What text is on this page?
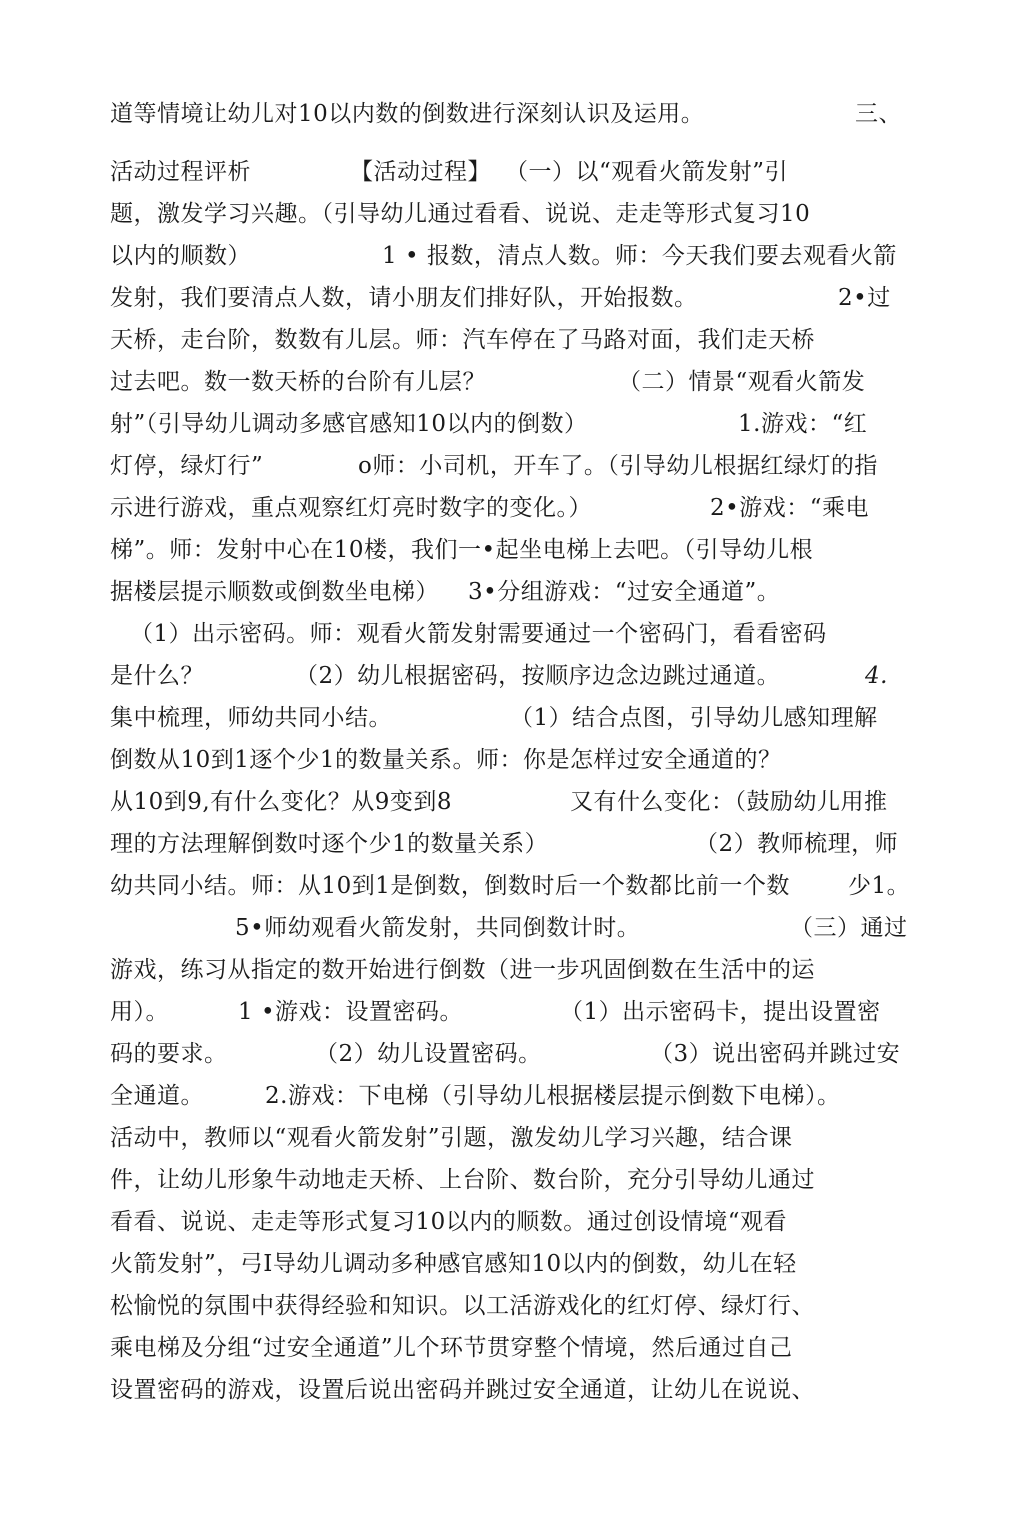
道等情境让幼儿对10以内数的倒数进行深刻认识及运用。	三、
活动过程评析	【活动过程】 （一）以“观看火箭发射”引
题，激发学习兴趣。（引导幼儿通过看看、说说、走走等形式复习10
以内的顺数）	1 • 报数，清点人数。师：今天我们要去观看火箭
发射，我们要清点人数，请小朋友们排好队，开始报数。	2•过
天桥，走台阶，数数有儿层。师：汽车停在了马路对面，我们走天桥
过去吧。数一数天桥的台阶有儿层？	（二）情景“观看火箭发
射”（引导幼儿调动多感官感知10以内的倒数）	1.游戏：“红
灯停，绿灯行”	o师：小司机，开车了。（引导幼儿根据红绿灯的指
示进行游戏，重点观察红灯亮时数字的变化。）	2•游戏：“乘电
梯”。师：发射中心在10楼，我们一•起坐电梯上去吧。（引导幼儿根
据楼层提示顺数或倒数坐电梯） 3•分组游戏：“过安全通道”。
（1）出示密码。师：观看火箭发射需要通过一个密码门，看看密码
是什么？	（2）幼儿根据密码，按顺序边念边跳过通道。	4.
集中梳理，师幼共同小结。	（1）结合点图，引导幼儿感知理解
倒数从10到1逐个少1的数量关系。师：你是怎样过安全通道的？
从10到9,有什么变化？从9变到8	又有什么变化：（鼓励幼儿用推
理的方法理解倒数吋逐个少1的数量关系）	（2）教师梳理，师
幼共同小结。师：从10到1是倒数，倒数时后一个数都比前一个数	少1。
5•师幼观看火箭发射，共同倒数计时。	（三）通过
游戏，练习从指定的数开始进行倒数（进一步巩固倒数在生活中的运
用）。	1 •游戏：设置密码。	（1）出示密码卡，提出设置密
码的要求。	（2）幼儿设置密码。	（3）说出密码并跳过安
全通道。	2.游戏：下电梯（引导幼儿根据楼层提示倒数下电梯）。
活动中，教师以“观看火箭发射”引题，激发幼儿学习兴趣，结合课
件，让幼儿形象牛动地走天桥、上台阶、数台阶，充分引导幼儿通过
看看、说说、走走等形式复习10以内的顺数。通过创设情境“观看
火箭发射”，弓I导幼儿调动多种感官感知10以内的倒数，幼儿在轻
松愉悦的氛围中获得经验和知识。以工活游戏化的红灯停、绿灯行、
乘电梯及分组“过安全通道”儿个环节贯穿整个情境，然后通过自己
设置密码的游戏，设置后说出密码并跳过安全通道，让幼儿在说说、
